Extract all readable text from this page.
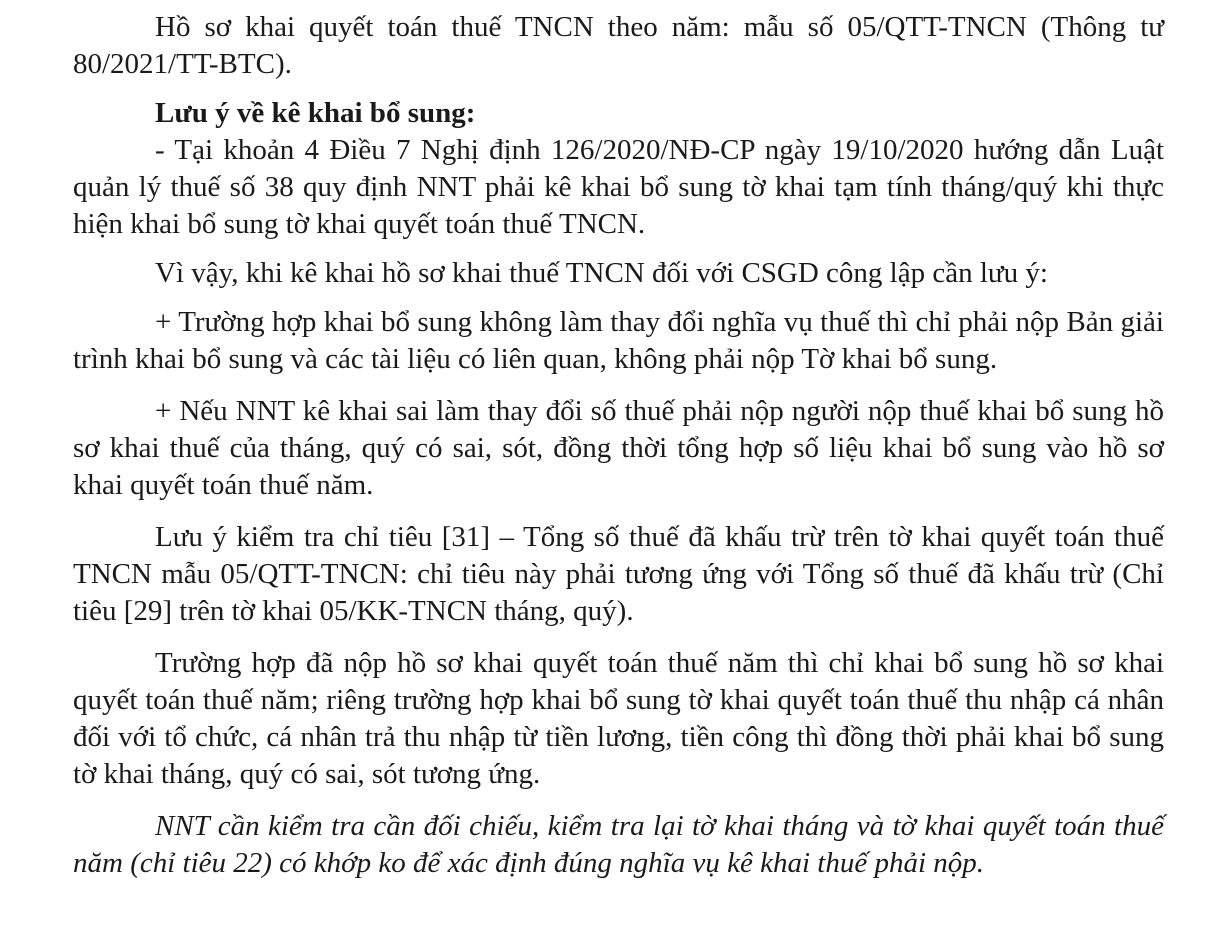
Hồ sơ khai quyết toán thuế TNCN theo năm: mẫu số 05/QTT-TNCN (Thông tư 80/2021/TT-BTC).

Lưu ý về kê khai bổ sung:

- Tại khoản 4 Điều 7 Nghị định 126/2020/NĐ-CP ngày 19/10/2020 hướng dẫn Luật quản lý thuế số 38 quy định NNT phải kê khai bổ sung tờ khai tạm tính tháng/quý khi thực hiện khai bổ sung tờ khai quyết toán thuế TNCN.

Vì vậy, khi kê khai hồ sơ khai thuế TNCN đối với CSGD công lập cần lưu ý:

+ Trường hợp khai bổ sung không làm thay đổi nghĩa vụ thuế thì chỉ phải nộp Bản giải trình khai bổ sung và các tài liệu có liên quan, không phải nộp Tờ khai bổ sung.

+ Nếu NNT kê khai sai làm thay đổi số thuế phải nộp người nộp thuế khai bổ sung hồ sơ khai thuế của tháng, quý có sai, sót, đồng thời tổng hợp số liệu khai bổ sung vào hồ sơ khai quyết toán thuế năm.

Lưu ý kiểm tra chỉ tiêu [31] – Tổng số thuế đã khấu trừ trên tờ khai quyết toán thuế TNCN mẫu 05/QTT-TNCN: chỉ tiêu này phải tương ứng với Tổng số thuế đã khấu trừ (Chỉ tiêu [29] trên tờ khai 05/KK-TNCN tháng, quý).

Trường hợp đã nộp hồ sơ khai quyết toán thuế năm thì chỉ khai bổ sung hồ sơ khai quyết toán thuế năm; riêng trường hợp khai bổ sung tờ khai quyết toán thuế thu nhập cá nhân đối với tổ chức, cá nhân trả thu nhập từ tiền lương, tiền công thì đồng thời phải khai bổ sung tờ khai tháng, quý có sai, sót tương ứng.

NNT cần kiểm tra cần đối chiếu, kiểm tra lại tờ khai tháng và tờ khai quyết toán thuế năm (chỉ tiêu 22) có khớp ko để xác định đúng nghĩa vụ kê khai thuế phải nộp.
